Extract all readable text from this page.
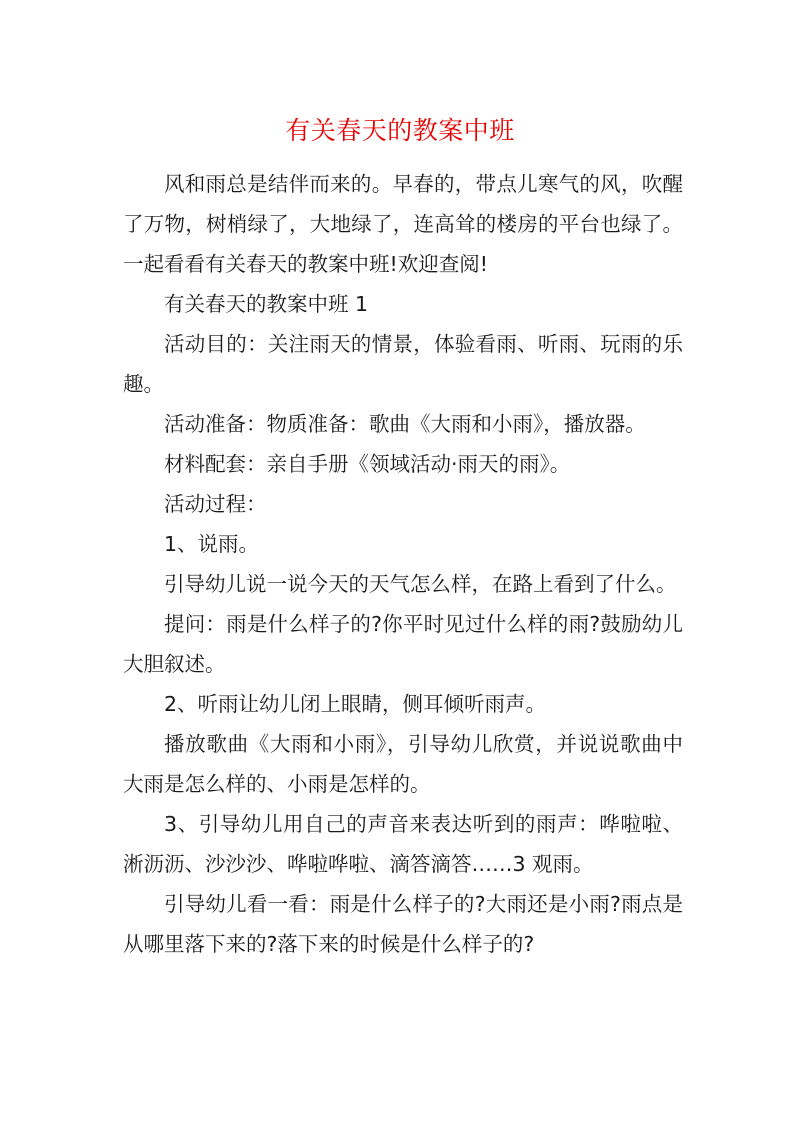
有关春天的教案中班

风和雨总是结伴而来的。早春的，带点儿寒气的风，吹醒了万物，树梢绿了，大地绿了，连高耸的楼房的平台也绿了。一起看看有关春天的教案中班!欢迎查阅!

有关春天的教案中班 1

活动目的：关注雨天的情景，体验看雨、听雨、玩雨的乐趣。

活动准备：物质准备：歌曲《大雨和小雨》，播放器。

材料配套：亲自手册《领域活动·雨天的雨》。

活动过程：

1、说雨。

引导幼儿说一说今天的天气怎么样，在路上看到了什么。

提问：雨是什么样子的?你平时见过什么样的雨?鼓励幼儿大胆叙述。

2、听雨让幼儿闭上眼睛，侧耳倾听雨声。

播放歌曲《大雨和小雨》，引导幼儿欣赏，并说说歌曲中大雨是怎么样的、小雨是怎样的。

3、引导幼儿用自己的声音来表达听到的雨声：哗啦啦、淅沥沥、沙沙沙、哗啦哗啦、滴答滴答……3 观雨。

引导幼儿看一看：雨是什么样子的?大雨还是小雨?雨点是从哪里落下来的?落下来的时候是什么样子的?
